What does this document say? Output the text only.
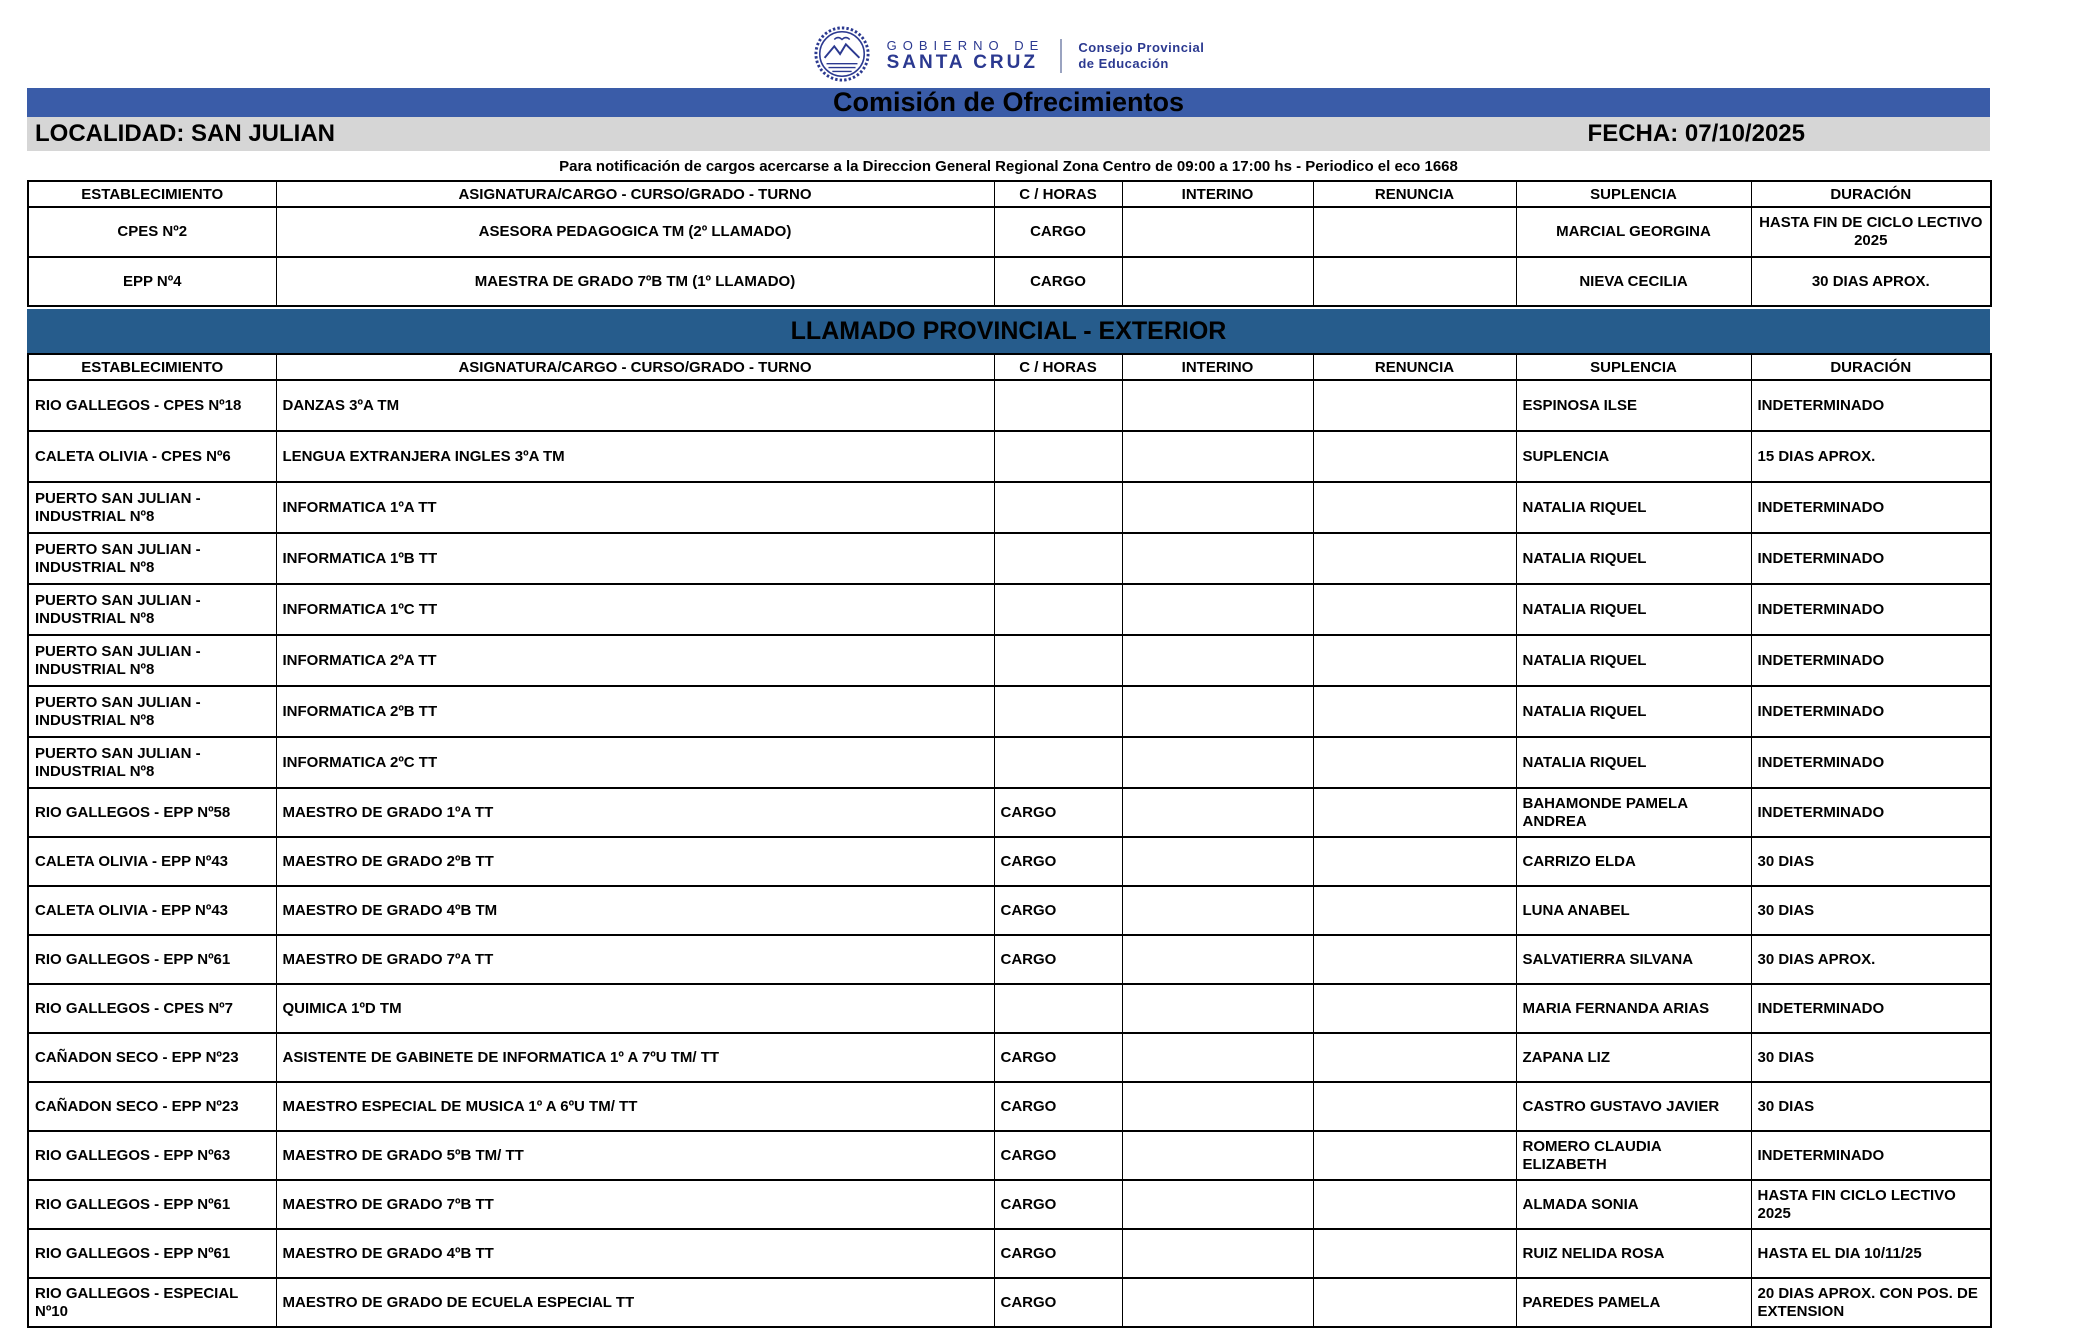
GOBIERNO DE
SANTA CRUZ
Consejo Provincial
de Educación
Comisión de Ofrecimientos
LOCALIDAD: SAN JULIAN	FECHA: 07/10/2025
Para notificación de cargos acercarse a la Direccion General Regional Zona Centro de 09:00 a 17:00 hs - Periodico el eco 1668
ESTABLECIMIENTO	ASIGNATURA/CARGO - CURSO/GRADO - TURNO	C / HORAS	INTERINO	RENUNCIA	SUPLENCIA	DURACIÓN
CPES Nº2	ASESORA PEDAGOGICA TM (2º LLAMADO)	CARGO			MARCIAL GEORGINA	HASTA FIN DE CICLO LECTIVO 2025
EPP Nº4	MAESTRA DE GRADO 7ºB TM (1º LLAMADO)	CARGO			NIEVA CECILIA	30 DIAS APROX.
LLAMADO PROVINCIAL - EXTERIOR
ESTABLECIMIENTO	ASIGNATURA/CARGO - CURSO/GRADO - TURNO	C / HORAS	INTERINO	RENUNCIA	SUPLENCIA	DURACIÓN
RIO GALLEGOS - CPES Nº18	DANZAS 3ºA TM				ESPINOSA ILSE	INDETERMINADO
CALETA OLIVIA - CPES Nº6	LENGUA EXTRANJERA INGLES 3ºA TM				SUPLENCIA	15 DIAS APROX.
PUERTO SAN JULIAN - INDUSTRIAL Nº8	INFORMATICA 1ºA TT				NATALIA RIQUEL	INDETERMINADO
PUERTO SAN JULIAN - INDUSTRIAL Nº8	INFORMATICA 1ºB TT				NATALIA RIQUEL	INDETERMINADO
PUERTO SAN JULIAN - INDUSTRIAL Nº8	INFORMATICA 1ºC TT				NATALIA RIQUEL	INDETERMINADO
PUERTO SAN JULIAN - INDUSTRIAL Nº8	INFORMATICA 2ºA TT				NATALIA RIQUEL	INDETERMINADO
PUERTO SAN JULIAN - INDUSTRIAL Nº8	INFORMATICA 2ºB TT				NATALIA RIQUEL	INDETERMINADO
PUERTO SAN JULIAN - INDUSTRIAL Nº8	INFORMATICA 2ºC TT				NATALIA RIQUEL	INDETERMINADO
RIO GALLEGOS - EPP Nº58	MAESTRO DE GRADO 1ºA TT	CARGO			BAHAMONDE PAMELA ANDREA	INDETERMINADO
CALETA OLIVIA - EPP Nº43	MAESTRO DE GRADO 2ºB TT	CARGO			CARRIZO ELDA	30 DIAS
CALETA OLIVIA - EPP Nº43	MAESTRO DE GRADO 4ºB TM	CARGO			LUNA ANABEL	30 DIAS
RIO GALLEGOS - EPP Nº61	MAESTRO DE GRADO 7ºA TT	CARGO			SALVATIERRA SILVANA	30 DIAS APROX.
RIO GALLEGOS - CPES Nº7	QUIMICA 1ºD TM				MARIA FERNANDA ARIAS	INDETERMINADO
CAÑADON SECO - EPP Nº23	ASISTENTE DE GABINETE DE INFORMATICA 1º A 7ºU TM/ TT	CARGO			ZAPANA LIZ	30 DIAS
CAÑADON SECO - EPP Nº23	MAESTRO ESPECIAL DE MUSICA 1º A 6ºU TM/ TT	CARGO			CASTRO GUSTAVO JAVIER	30 DIAS
RIO GALLEGOS - EPP Nº63	MAESTRO DE GRADO 5ºB TM/ TT	CARGO			ROMERO CLAUDIA ELIZABETH	INDETERMINADO
RIO GALLEGOS - EPP Nº61	MAESTRO DE GRADO 7ºB TT	CARGO			ALMADA SONIA	HASTA FIN CICLO LECTIVO 2025
RIO GALLEGOS - EPP Nº61	MAESTRO DE GRADO 4ºB TT	CARGO			RUIZ NELIDA ROSA	HASTA EL DIA 10/11/25
RIO GALLEGOS - ESPECIAL Nº10	MAESTRO DE GRADO DE ECUELA ESPECIAL TT	CARGO			PAREDES PAMELA	20 DIAS APROX. CON POS. DE EXTENSION
